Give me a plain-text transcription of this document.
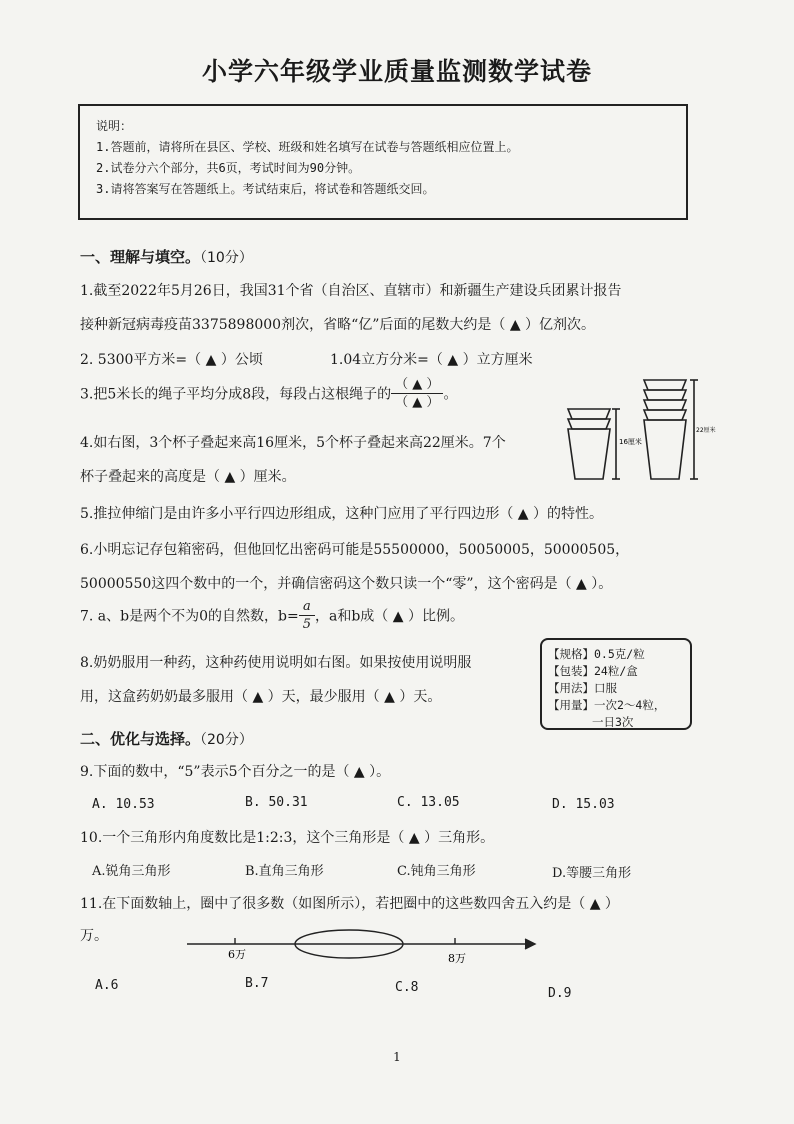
小学六年级学业质量监测数学试卷
说明：
1.答题前，请将所在县区、学校、班级和姓名填写在试卷与答题纸相应位置上。
2.试卷分六个部分，共6页，考试时间为90分钟。
3.请将答案写在答题纸上。考试结束后，将试卷和答题纸交回。
一、理解与填空。（10分）
1.截至2022年5月26日，我国31个省（自治区、直辖市）和新疆生产建设兵团累计报告
接种新冠病毒疫苗3375898000剂次，省略“亿”后面的尾数大约是（ ▲ ）亿剂次。
2. 5300平方米=（ ▲ ）公顷	1.04立方分米=（ ▲ ）立方厘米
3.把5米长的绳子平均分成8段，每段占这根绳子的 $\frac{( ▲ )}{( ▲ )}$ 。
4.如右图，3个杯子叠起来高16厘米，5个杯子叠起来高22厘米。7个
杯子叠起来的高度是（ ▲ ）厘米。
16厘米
22厘米
5.推拉伸缩门是由许多小平行四边形组成，这种门应用了平行四边形（ ▲ ）的特性。
6.小明忘记存包箱密码，但他回忆出密码可能是55500000，50050005，50000505，
50000550这四个数中的一个，并确信密码这个数只读一个“零”，这个密码是（ ▲ ）。
7. a、b是两个不为0的自然数，$b= \frac{a}{5}$ ，a和b成（ ▲ ）比例。
8.奶奶服用一种药，这种药使用说明如右图。如果按使用说明服
用，这盒药奶奶最多服用（ ▲ ）天，最少服用（ ▲ ）天。
【规格】0.5克/粒
【包装】24粒/盒
【用法】口服
【用量】一次2～4粒，
一日3次
二、优化与选择。（20分）
9.下面的数中，“5”表示5个百分之一的是（ ▲ ）。
A. 10.53	B. 50.31	C. 13.05	D. 15.03
10.一个三角形内角度数比是1:2:3，这个三角形是（ ▲ ）三角形。
A.锐角三角形	B.直角三角形	C.钝角三角形	D.等腰三角形
11.在下面数轴上，圈中了很多数（如图所示），若把圈中的这些数四舍五入约是（ ▲ ）
万。
6万	8万
A.6	B.7	C.8	D.9
1
